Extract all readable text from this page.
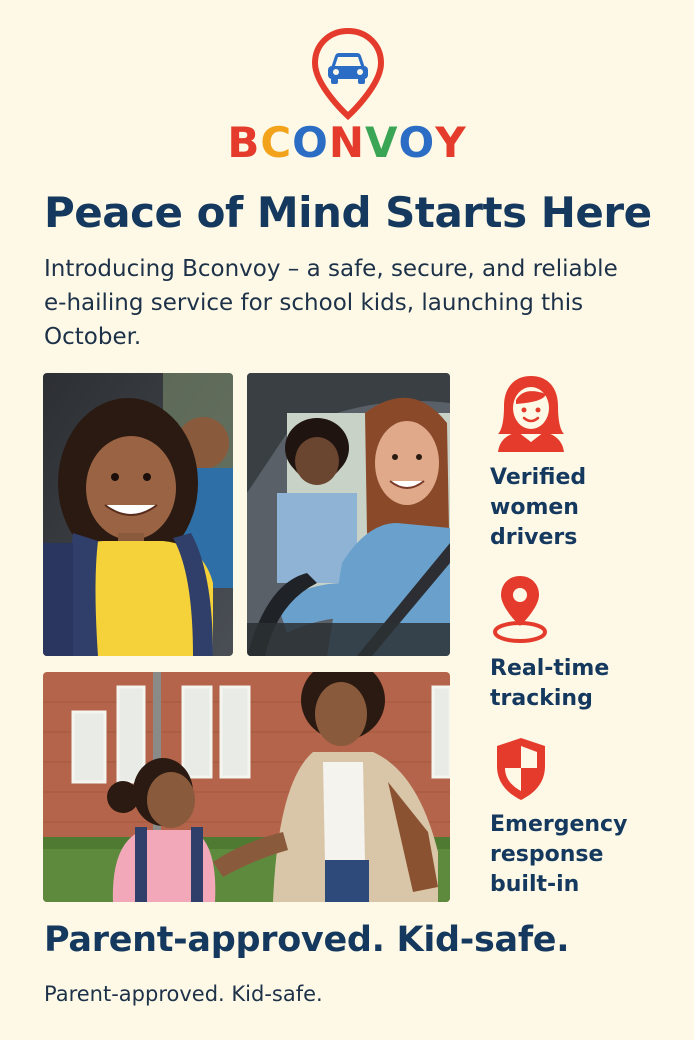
BCONVOY
Peace of Mind Starts Here
Introducing Bconvoy – a safe, secure, and reliable e-hailing service for school kids, launching this October.
Verified
women
drivers
Real-time
tracking
Emergency
response
built-in
Parent-approved. Kid-safe.
Parent-approved. Kid-safe.
